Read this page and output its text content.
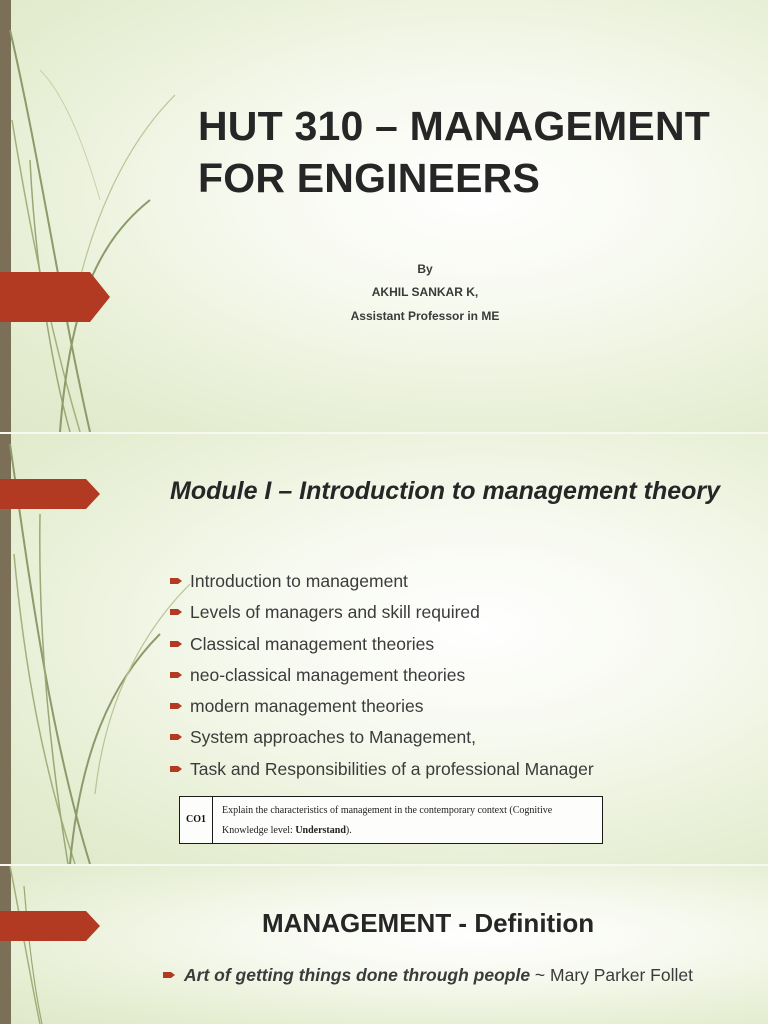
HUT 310 – MANAGEMENT FOR ENGINEERS
By
AKHIL SANKAR K,
Assistant Professor in ME
Module I – Introduction to management theory
Introduction to management
Levels of managers and skill required
Classical management theories
neo-classical management theories
modern management theories
System approaches to Management,
Task and Responsibilities of a professional Manager
CO1
Explain the characteristics of management in the contemporary context (Cognitive Knowledge level: Understand).
MANAGEMENT - Definition
Art of getting things done through people ~ Mary Parker Follet
